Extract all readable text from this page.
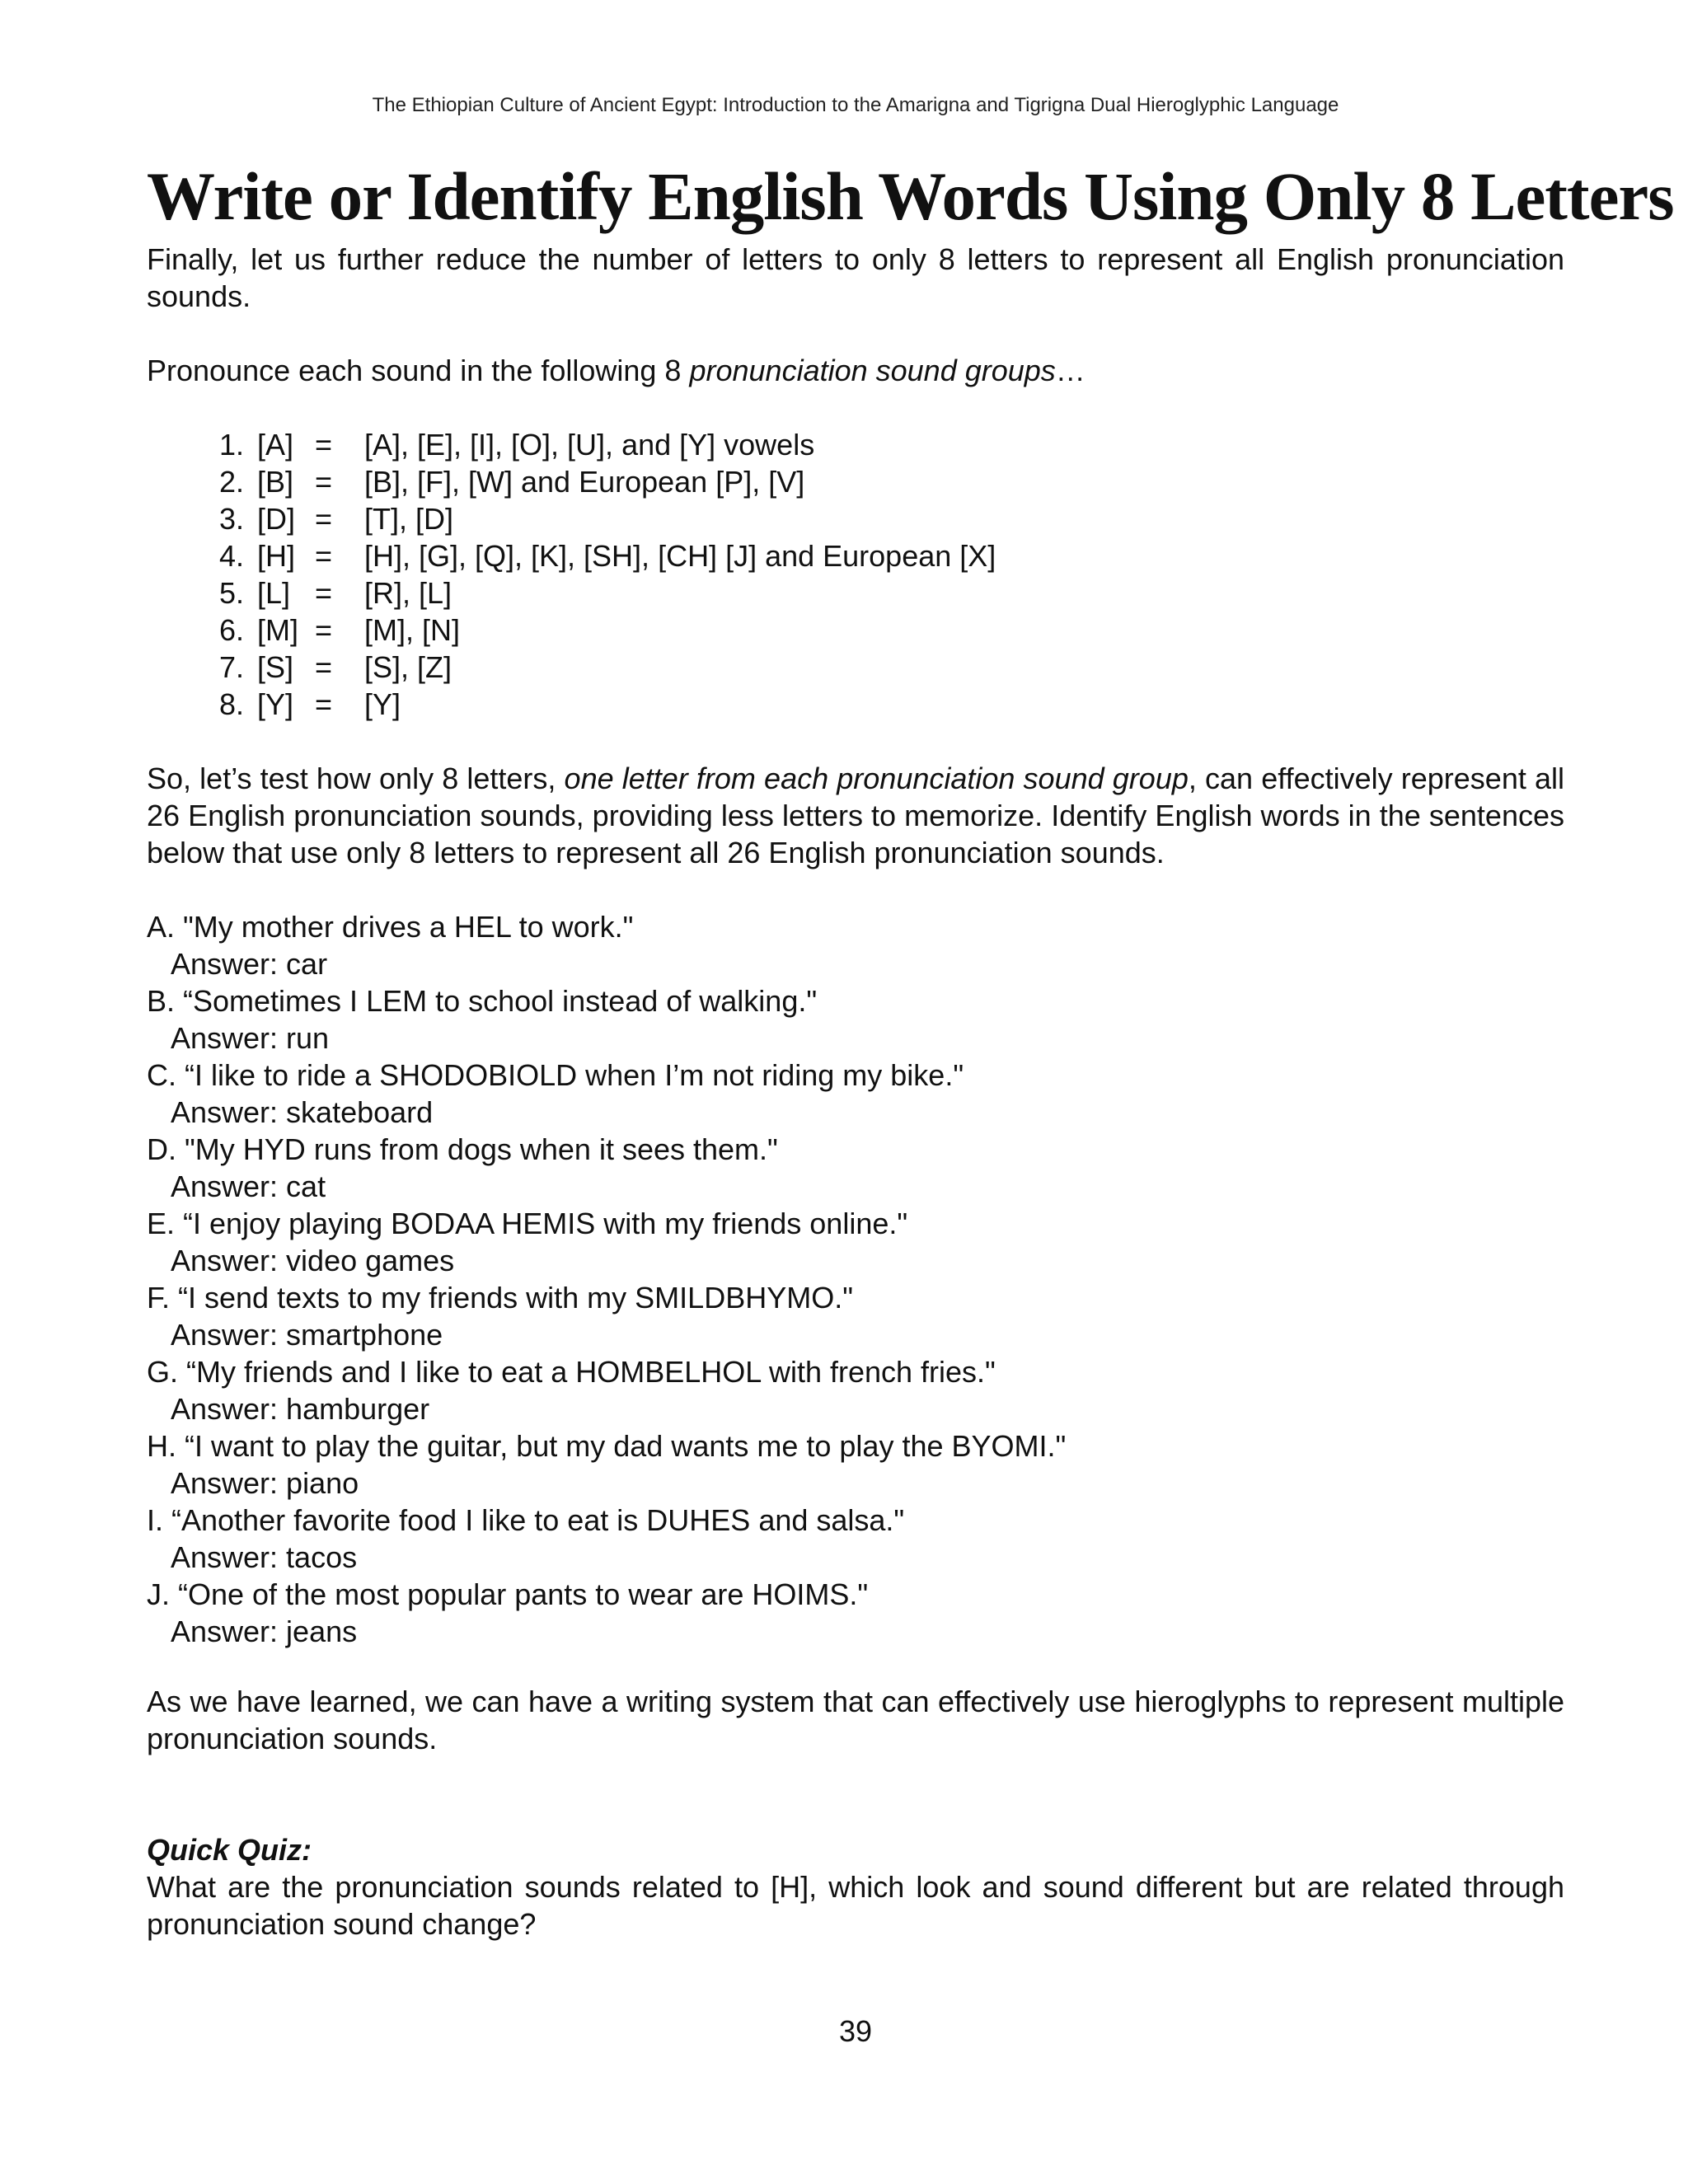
The Ethiopian Culture of Ancient Egypt: Introduction to the Amarigna and Tigrigna Dual Hieroglyphic Language
Write or Identify English Words Using Only 8 Letters

Finally, let us further reduce the number of letters to only 8 letters to represent all English pronunciation sounds.

Pronounce each sound in the following 8 pronunciation sound groups…

1. [A] =	[A], [E], [I], [O], [U], and [Y] vowels
2. [B] =	[B], [F], [W] and European [P], [V]
3. [D] =	[T], [D]
4. [H] =	[H], [G], [Q], [K], [SH], [CH] [J] and European [X]
5. [L] =	[R], [L]
6. [M] =	[M], [N]
7. [S] =	[S], [Z]
8. [Y] =	[Y]

So, let’s test how only 8 letters, one letter from each pronunciation sound group, can effectively represent all 26 English pronunciation sounds, providing less letters to memorize. Identify English words in the sentences below that use only 8 letters to represent all 26 English pronunciation sounds.

A. "My mother drives a HEL to work."
Answer: car
B. “Sometimes I LEM to school instead of walking."
Answer: run
C. “I like to ride a SHODOBIOLD when I’m not riding my bike."
Answer: skateboard
D. "My HYD runs from dogs when it sees them."
Answer: cat
E. “I enjoy playing BODAA HEMIS with my friends online."
Answer: video games
F. “I send texts to my friends with my SMILDBHYMO."
Answer: smartphone
G. “My friends and I like to eat a HOMBELHOL with french fries."
Answer: hamburger
H. “I want to play the guitar, but my dad wants me to play the BYOMI."
Answer: piano
I. “Another favorite food I like to eat is DUHES and salsa."
Answer: tacos
J. “One of the most popular pants to wear are HOIMS."
Answer: jeans

As we have learned, we can have a writing system that can effectively use hieroglyphs to represent multiple pronunciation sounds.

Quick Quiz:

What are the pronunciation sounds related to [H], which look and sound different but are related through pronunciation sound change?

39
